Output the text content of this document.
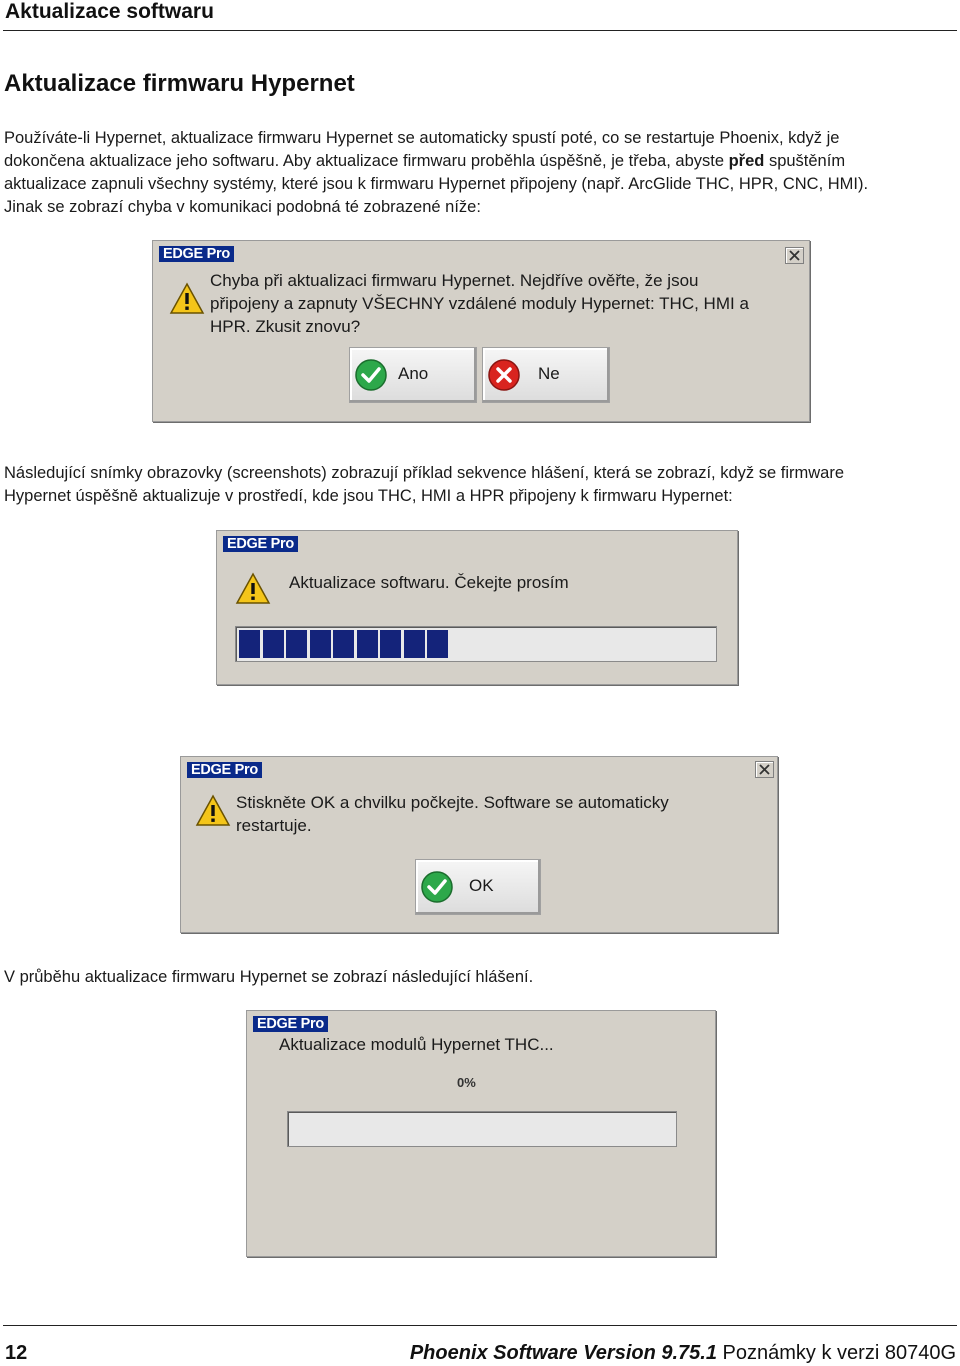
Aktualizace softwaru
Aktualizace firmwaru Hypernet
Používáte-li Hypernet, aktualizace firmwaru Hypernet se automaticky spustí poté, co se restartuje Phoenix, když je
dokončena aktualizace jeho softwaru. Aby aktualizace firmwaru proběhla úspěšně, je třeba, abyste před spuštěním
aktualizace zapnuli všechny systémy, které jsou k firmwaru Hypernet připojeny (např. ArcGlide THC, HPR, CNC, HMI).
Jinak se zobrazí chyba v komunikaci podobná té zobrazené níže:
EDGE Pro
Chyba při aktualizaci firmwaru Hypernet. Nejdříve ověřte, že jsou
připojeny a zapnuty VŠECHNY vzdálené moduly Hypernet: THC, HMI a
HPR. Zkusit znovu?
Ano	Ne
Následující snímky obrazovky (screenshots) zobrazují příklad sekvence hlášení, která se zobrazí, když se firmware
Hypernet úspěšně aktualizuje v prostředí, kde jsou THC, HMI a HPR připojeny k firmwaru Hypernet:
EDGE Pro
Aktualizace softwaru. Čekejte prosím
EDGE Pro
Stiskněte OK a chvilku počkejte. Software se automaticky
restartuje.
OK
V průběhu aktualizace firmwaru Hypernet se zobrazí následující hlášení.
EDGE Pro
Aktualizace modulů Hypernet THC...
0%
12	Phoenix Software Version 9.75.1 Poznámky k verzi 80740G
